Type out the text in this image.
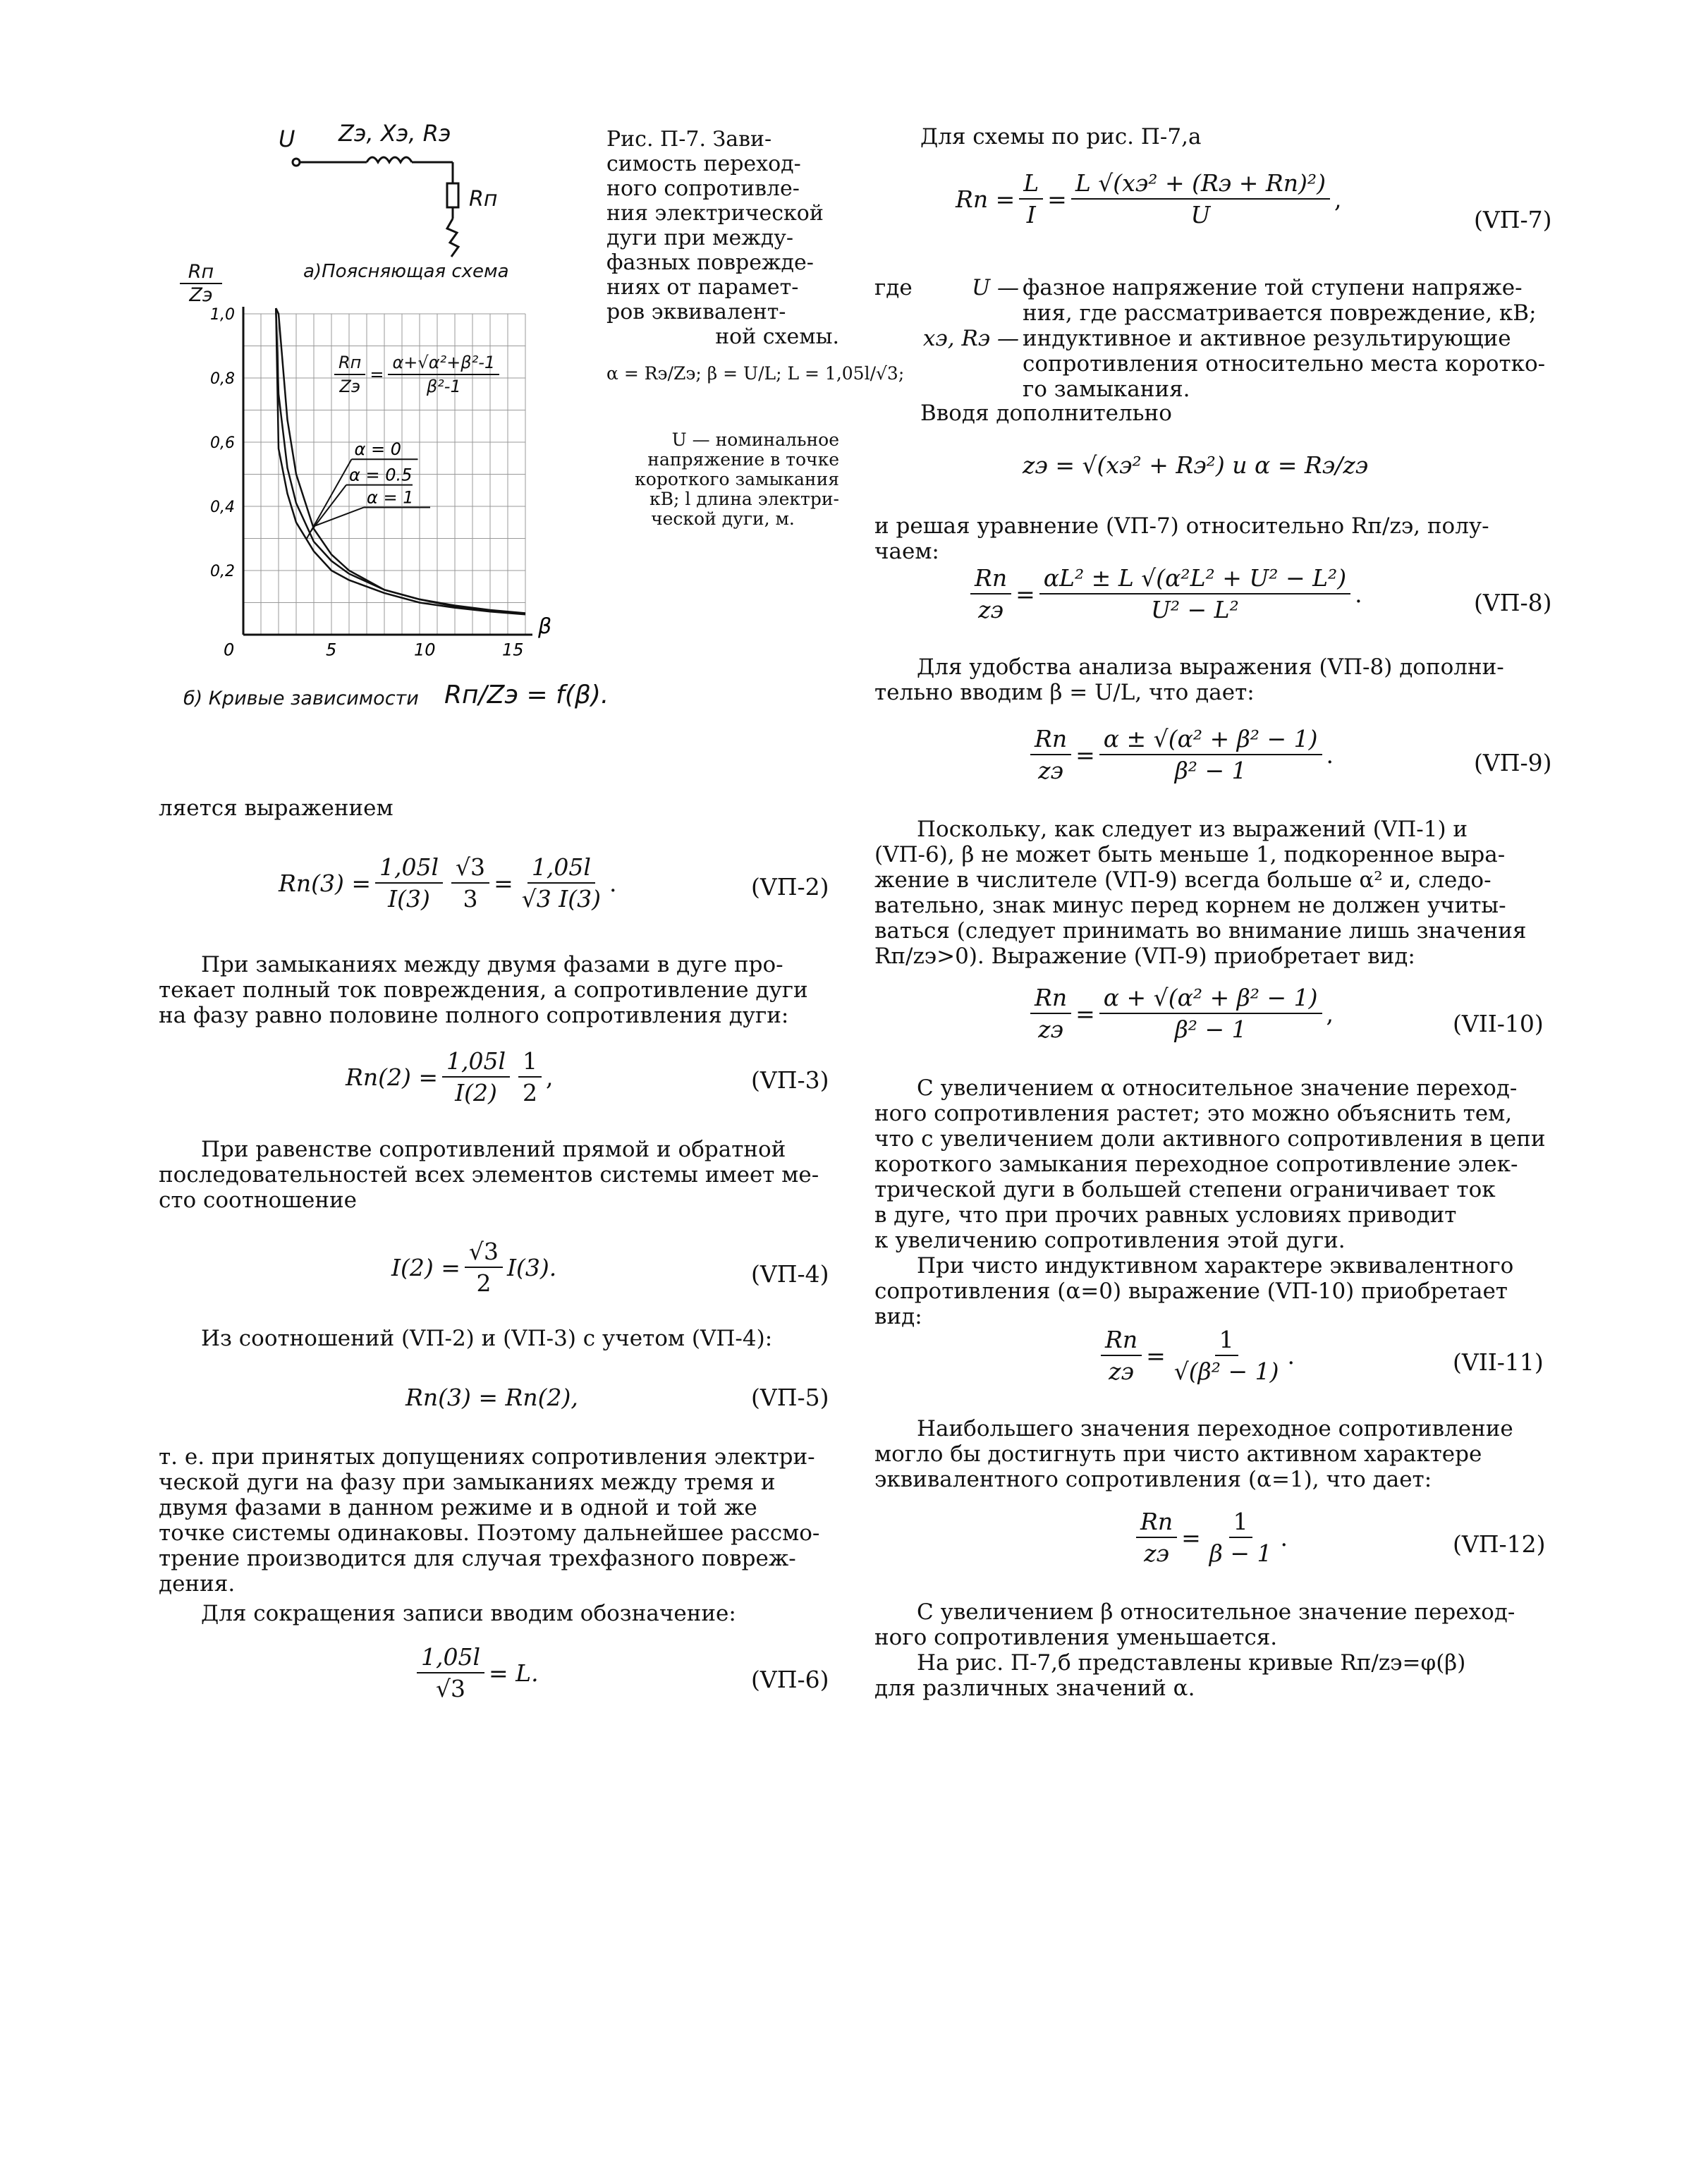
U Zэ, Xэ, Rэ
Rп
а)Поясняющая схема
Rп
Zэ
0	5	10	15
0,2
0,4
0,6
0,8
1,0
β
α = 0
α = 0.5
α = 1
$\frac{Rп}{Zэ} = \frac{\text{α+√α²+β²-1}}{\text{β²-1}}$
б) Кривые зависимости Rп/Zэ = f(β).
Рис. П-7. Зави-
симость переход-
ного сопротивле-
ния электрической
дуги при между-
фазных поврежде-
ниях от парамет-
ров эквивалент-
ной схемы.
α = Rэ/Zэ; β = U/L; L = 1,05l/√3;
U — номинальное
напряжение в точке
короткого замыкания
кВ; l длина электри-
ческой дуги, м.
ляется выражением
$Rп(3) = \frac{1,05l}{I(3)} \frac{√3}{3} = \frac{1,05l}{√3 I(3)}$ .	(VП-2)
При замыканиях между двумя фазами в дуге про-
текает полный ток повреждения, а сопротивление дуги
на фазу равно половине полного сопротивления дуги:
$Rп(2) = \frac{1,05l}{I(2)} \frac{1}{2}$ ,	(VП-3)
При равенстве сопротивлений прямой и обратной
последовательностей всех элементов системы имеет ме-
сто соотношение
$I(2) = \frac{√3}{2} I(3)$.	(VП-4)
Из соотношений (VП-2) и (VП-3) с учетом (VП-4):
Rп(3) = Rп(2),	(VП-5)
т. е. при принятых допущениях сопротивления электри-
ческой дуги на фазу при замыканиях между тремя и
двумя фазами в данном режиме и в одной и той же
точке системы одинаковы. Поэтому дальнейшее рассмо-
трение производится для случая трехфазного повреж-
дения.
Для сокращения записи вводим обозначение:
$\frac{1,05l}{√3} = L$.	(VП-6)
Для схемы по рис. П-7,а
Rп = $\frac{L}{I} = \frac{\text{L √(xэ² + (Rэ + Rп)²)}}{U}$ ,
(VП-7)
где	U — фазное напряжение той ступени напряже-
ния, где рассматривается повреждение, кВ;
xэ, Rэ — индуктивное и активное результирующие
сопротивления относительно места коротко-
го замыкания.
Вводя дополнительно
zэ = √(xэ² + Rэ²) и α = Rэ/zэ
и решая уравнение (VП-7) относительно Rп/zэ, полу-
чаем:
$\frac{Rп}{zэ} = \frac{\text{αL² ± L √(α²L² + U² − L²)}}{\text{U² − L²}}$ .	(VП-8)
Для удобства анализа выражения (VП-8) дополни-
тельно вводим β = U/L, что дает:
$\frac{Rп}{zэ} = \frac{\text{α ± √(α² + β² − 1)}}{\text{β² − 1}}$ .	(VП-9)
Поскольку, как следует из выражений (VП-1) и
(VП-6), β не может быть меньше 1, подкоренное выра-
жение в числителе (VП-9) всегда больше α² и, следо-
вательно, знак минус перед корнем не должен учиты-
ваться (следует принимать во внимание лишь значения
Rп/zэ>0). Выражение (VП-9) приобретает вид:
$\frac{Rп}{zэ} = \frac{\text{α + √(α² + β² − 1)}}{\text{β² − 1}}$ ,	(VII-10)
С увеличением α относительное значение переход-
ного сопротивления растет; это можно объяснить тем,
что с увеличением доли активного сопротивления в цепи
короткого замыкания переходное сопротивление элек-
трической дуги в большей степени ограничивает ток
в дуге, что при прочих равных условиях приводит
к увеличению сопротивления этой дуги.
При чисто индуктивном характере эквивалентного
сопротивления (α=0) выражение (VП-10) приобретает
вид:
$\frac{Rп}{zэ} = \frac{1}{\text{√(β² − 1)}}$ .	(VII-11)
Наибольшего значения переходное сопротивление
могло бы достигнуть при чисто активном характере
эквивалентного сопротивления (α=1), что дает:
$\frac{Rп}{zэ} = \frac{1}{\beta - 1}$ .	(VП-12)
С увеличением β относительное значение переход-
ного сопротивления уменьшается.
На рис. П-7,б представлены кривые Rп/zэ=φ(β)
для различных значений α.
